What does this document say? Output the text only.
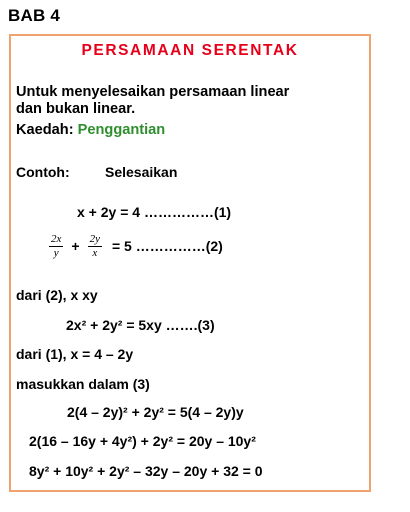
BAB 4
PERSAMAAN SERENTAK
Untuk menyelesaikan persamaan linear
dan bukan linear.
Kaedah: Penggantian
Contoh:	Selesaikan
x + 2y = 4 ……………(1)
$\frac{2x}{y} + \frac{2y}{x} = 5$ ……………(2)
dari (2), x xy
2x² + 2y² = 5xy …….(3)
dari (1), x = 4 – 2y
masukkan dalam (3)
2(4 – 2y)² + 2y² = 5(4 – 2y)y
2(16 – 16y + 4y²) + 2y² = 20y – 10y²
8y² + 10y² + 2y² – 32y – 20y + 32 = 0
